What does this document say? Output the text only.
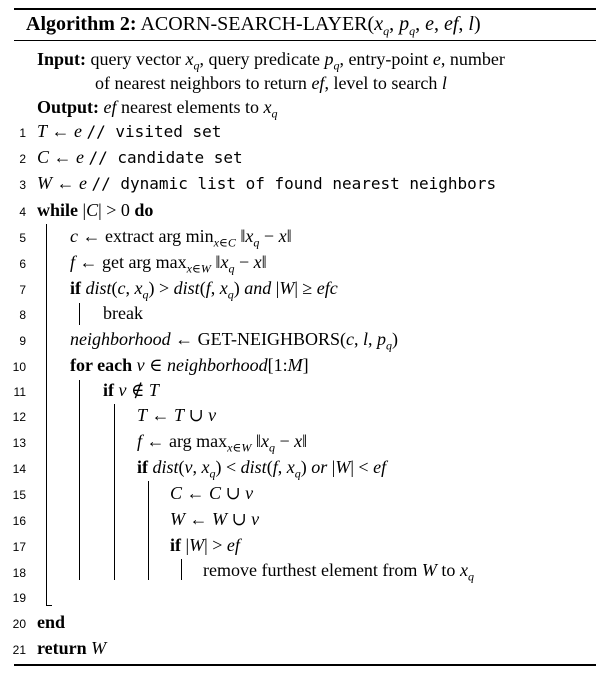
Algorithm 2: ACORN-$SEARCH-LAYER(x_q$, $p_q$, e, ef, l)
Input: query vector $x_q$, query predicate $p_q$, entry-point e, number
of nearest neighbors to return ef, level to search l
Output: ef nearest elements to $x_q$
1
2
3
4
5
6
7
8
9
10
11
12
13
14
15
16
17
18
19
20
21
T ← e // visited set
C ← e // candidate set
W ← e // dynamic list of found nearest neighbors
while |C| > 0 do
c ← extract arg $\min_{x\in C}$ $‖x_q$ − x‖
f ← get arg $\max_{x\in W}$ $‖x_q$ − x‖
if dist(c, $x_q$) > dist(f, $x_q$) and |W| ≥ efc
break
neighborhood ← GET-NEIGHBORS(c, l, $p_q$)
for each v ∈ neighborhood[1:M]
if v ∉ T
T ← T ∪ v
f ← arg $\max_{x\in W}$ $‖x_q$ − x‖
if dist(v, $x_q$) < dist(f, $x_q$) or |W| < ef
C ← C ∪ v
W ← W ∪ v
if |W| > ef
remove furthest element from W to $x_q$
end
return W
